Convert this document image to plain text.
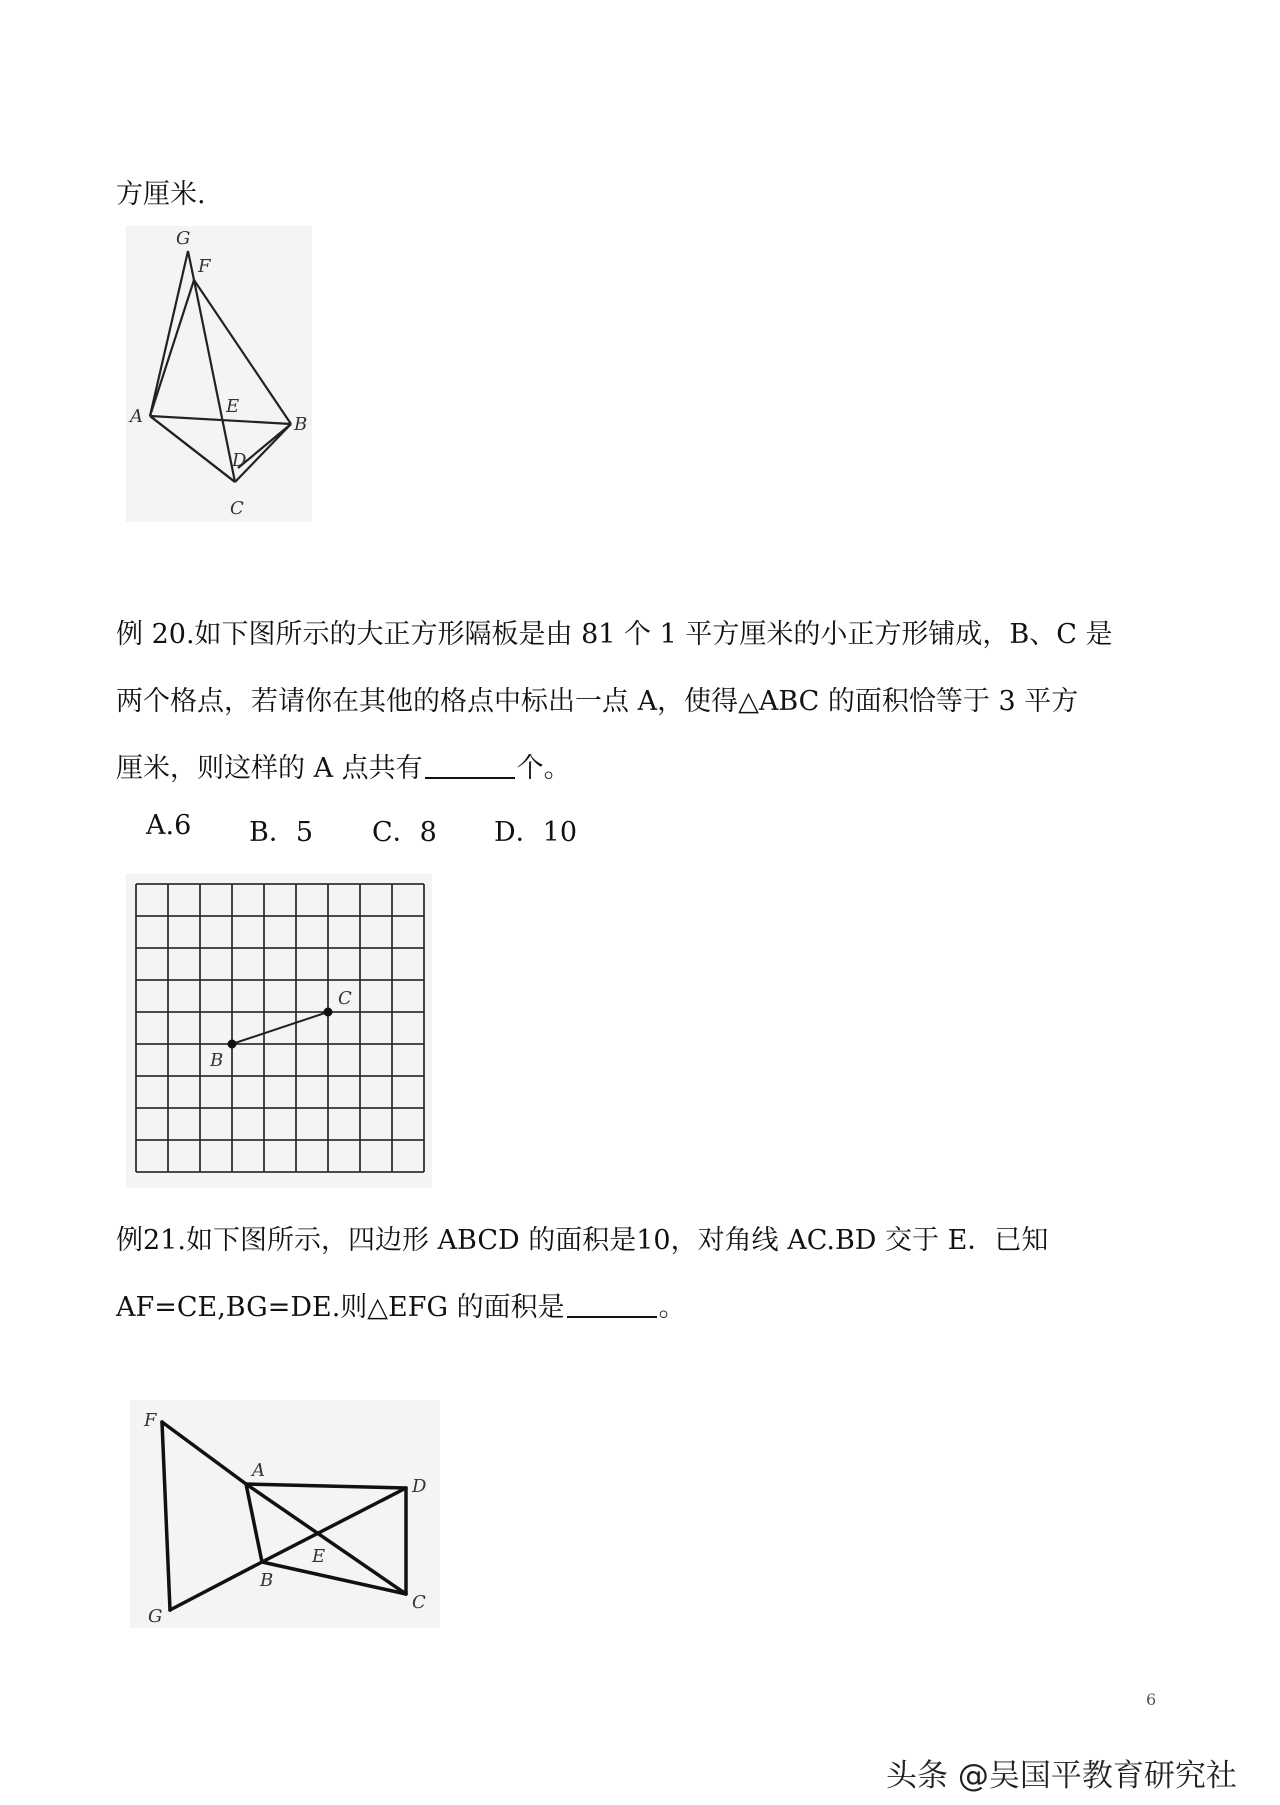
方厘米.
G
F
A	E
B
D
C
例 20.如下图所示的大正方形隔板是由 81 个 1 平方厘米的小正方形铺成，B、C 是
两个格点，若请你在其他的格点中标出一点 A，使得△ABC 的面积恰等于 3 平方
厘米，则这样的 A 点共有	个。
A.6 B．5 C．8 D．10
B
C
例21.如下图所示，四边形 ABCD 的面积是10，对角线 AC.BD 交于 E．已知
AF=CE,BG=DE.则△EFG 的面积是	。
F
A
D
E
B
G
C
6
头条 @吴国平教育研究社
